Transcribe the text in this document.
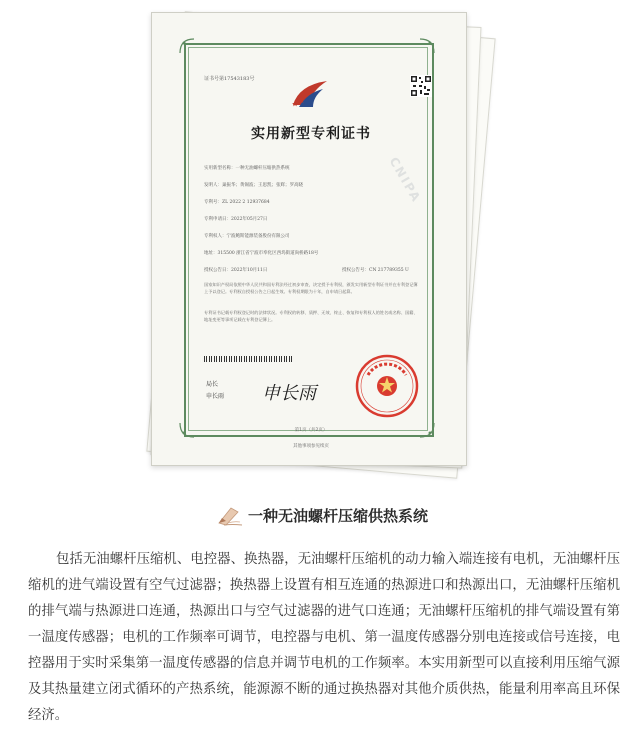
证书号第17543183号
实用新型专利证书
实用新型名称：一种无油螺杆压缩供热系统
发明人：巢振华；黄锡波；王思凯；张辉；罗高晓
专利号：ZL 2022 2 12937684
专利申请日：2022年05月27日
专利权人：宁波鲍斯能源装备股份有限公司
地址：315500 浙江省宁波市奉化区西坞街道尚桥路18号
授权公告日：2022年10月11日	授权公告号：CN 217789355 U
国家知识产权局依照中华人民共和国专利法经过初步审查，决定授予专利权，颁发实用新型专利证书并在专利登记簿上予以登记。专利权自授权公告之日起生效。专利权期限为十年，自申请日起算。
专利证书记载专利权登记时的法律状况。专利权的转移、质押、无效、终止、恢复和专利权人的姓名或名称、国籍、地址变更等事项记载在专利登记簿上。
局长
申长雨 申长雨
第1页（共2页）
其他事项参见续页
CNIPA
一种无油螺杆压缩供热系统

包括无油螺杆压缩机、电控器、换热器，无油螺杆压缩机的动力输入端连接有电机，无油螺杆压缩机的进气端设置有空气过滤器；换热器上设置有相互连通的热源进口和热源出口，无油螺杆压缩机的排气端与热源进口连通，热源出口与空气过滤器的进气口连通；无油螺杆压缩机的排气端设置有第一温度传感器；电机的工作频率可调节，电控器与电机、第一温度传感器分别电连接或信号连接，电控器用于实时采集第一温度传感器的信息并调节电机的工作频率。本实用新型可以直接利用压缩气源及其热量建立闭式循环的产热系统，能源源不断的通过换热器对其他介质供热，能量利用率高且环保经济。
